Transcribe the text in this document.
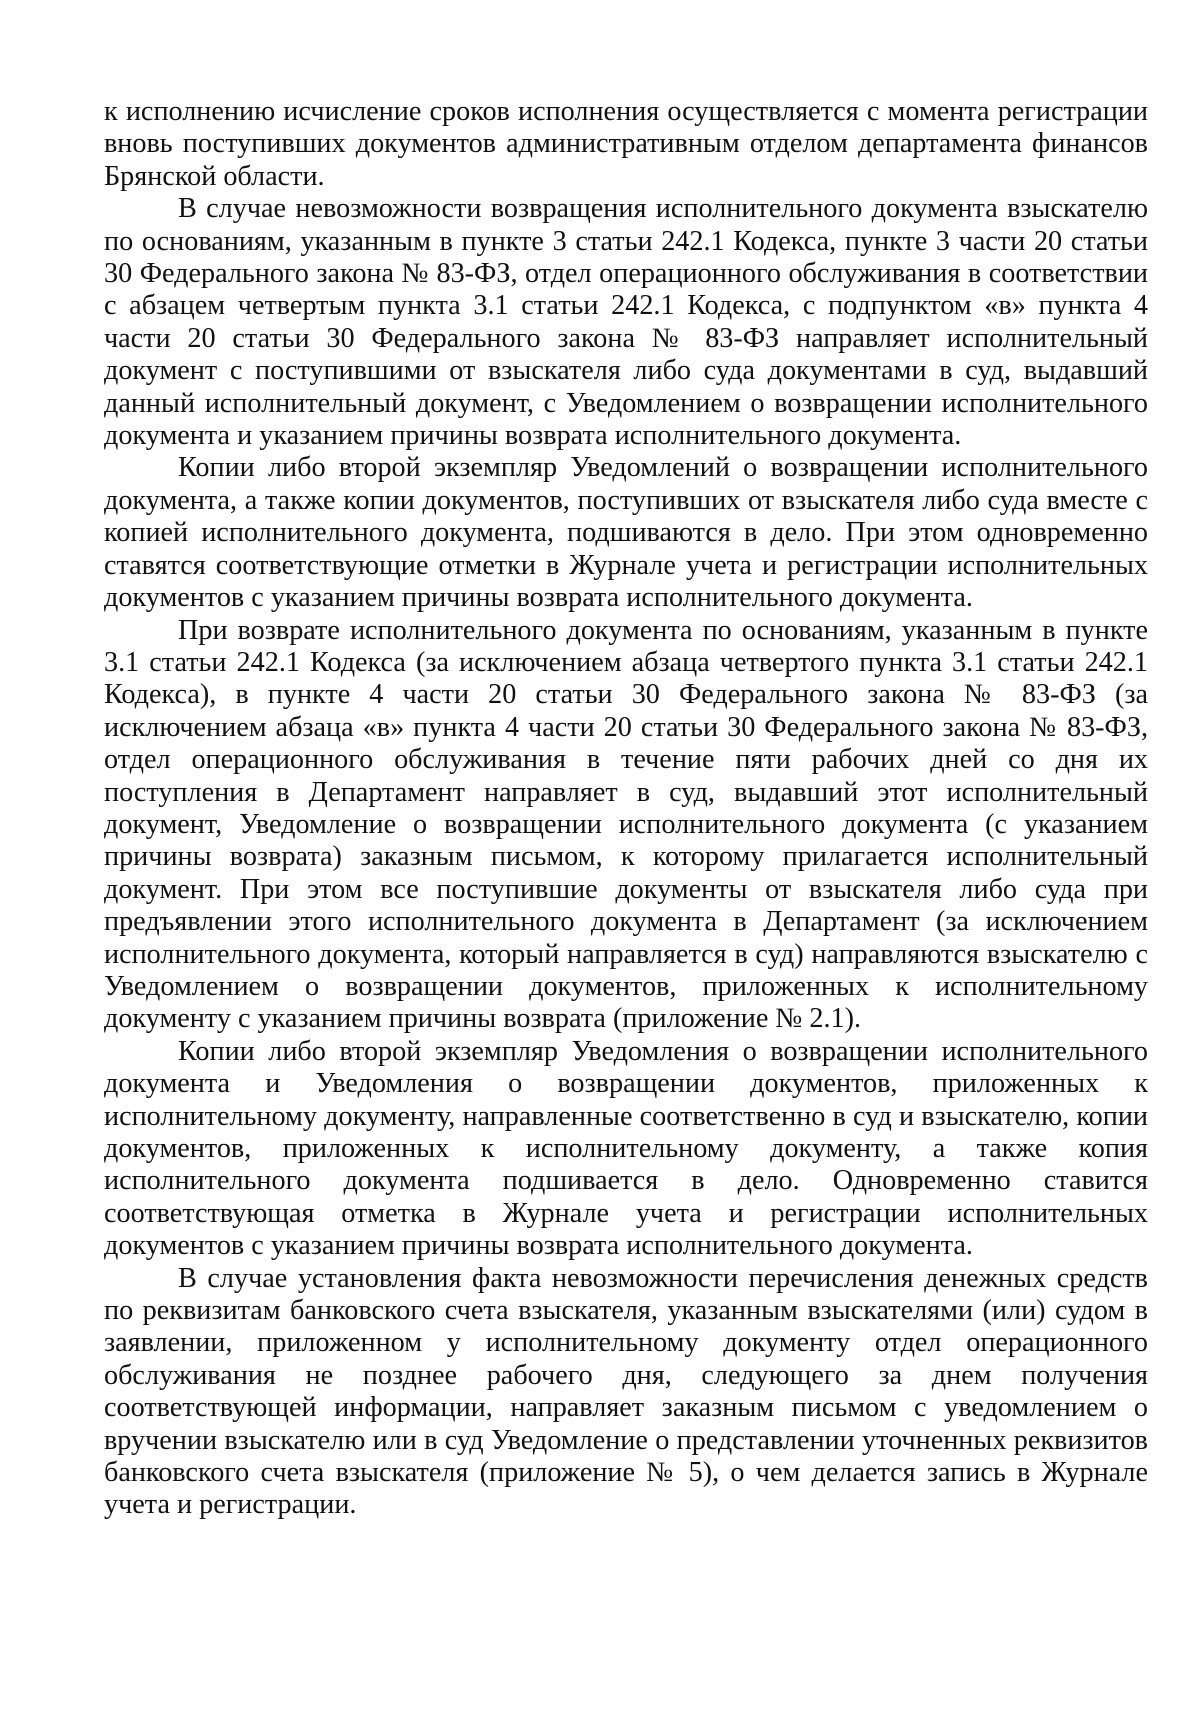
к исполнению исчисление сроков исполнения осуществляется с момента регистрации вновь поступивших документов административным отделом департамента финансов Брянской области.

В случае невозможности возвращения исполнительного документа взыскателю по основаниям, указанным в пункте 3 статьи 242.1 Кодекса, пункте 3 части 20 статьи 30 Федерального закона № 83-ФЗ, отдел операционного обслуживания в соответствии с абзацем четвертым пункта 3.1 статьи 242.1 Кодекса, с подпунктом «в» пункта 4 части 20 статьи 30 Федерального закона № 83-ФЗ направляет исполнительный документ с поступившими от взыскателя либо суда документами в суд, выдавший данный исполнительный документ, с Уведомлением о возвращении исполнительного документа и указанием причины возврата исполнительного документа.

Копии либо второй экземпляр Уведомлений о возвращении исполнительного документа, а также копии документов, поступивших от взыскателя либо суда вместе с копией исполнительного документа, подшиваются в дело. При этом одновременно ставятся соответствующие отметки в Журнале учета и регистрации исполнительных документов с указанием причины возврата исполнительного документа.

При возврате исполнительного документа по основаниям, указанным в пункте 3.1 статьи 242.1 Кодекса (за исключением абзаца четвертого пункта 3.1 статьи 242.1 Кодекса), в пункте 4 части 20 статьи 30 Федерального закона № 83-ФЗ (за исключением абзаца «в» пункта 4 части 20 статьи 30 Федерального закона № 83-ФЗ, отдел операционного обслуживания в течение пяти рабочих дней со дня их поступления в Департамент направляет в суд, выдавший этот исполнительный документ, Уведомление о возвращении исполнительного документа (с указанием причины возврата) заказным письмом, к которому прилагается исполнительный документ. При этом все поступившие документы от взыскателя либо суда при предъявлении этого исполнительного документа в Департамент (за исключением исполнительного документа, который направляется в суд) направляются взыскателю с Уведомлением о возвращении документов, приложенных к исполнительному документу с указанием причины возврата (приложение № 2.1).

Копии либо второй экземпляр Уведомления о возвращении исполнительного документа и Уведомления о возвращении документов, приложенных к исполнительному документу, направленные соответственно в суд и взыскателю, копии документов, приложенных к исполнительному документу, а также копия исполнительного документа подшивается в дело. Одновременно ставится соответствующая отметка в Журнале учета и регистрации исполнительных документов с указанием причины возврата исполнительного документа.

В случае установления факта невозможности перечисления денежных средств по реквизитам банковского счета взыскателя, указанным взыскателями (или) судом в заявлении, приложенном у исполнительному документу отдел операционного обслуживания не позднее рабочего дня, следующего за днем получения соответствующей информации, направляет заказным письмом с уведомлением о вручении взыскателю или в суд Уведомление о представлении уточненных реквизитов банковского счета взыскателя (приложение № 5), о чем делается запись в Журнале учета и регистрации.
